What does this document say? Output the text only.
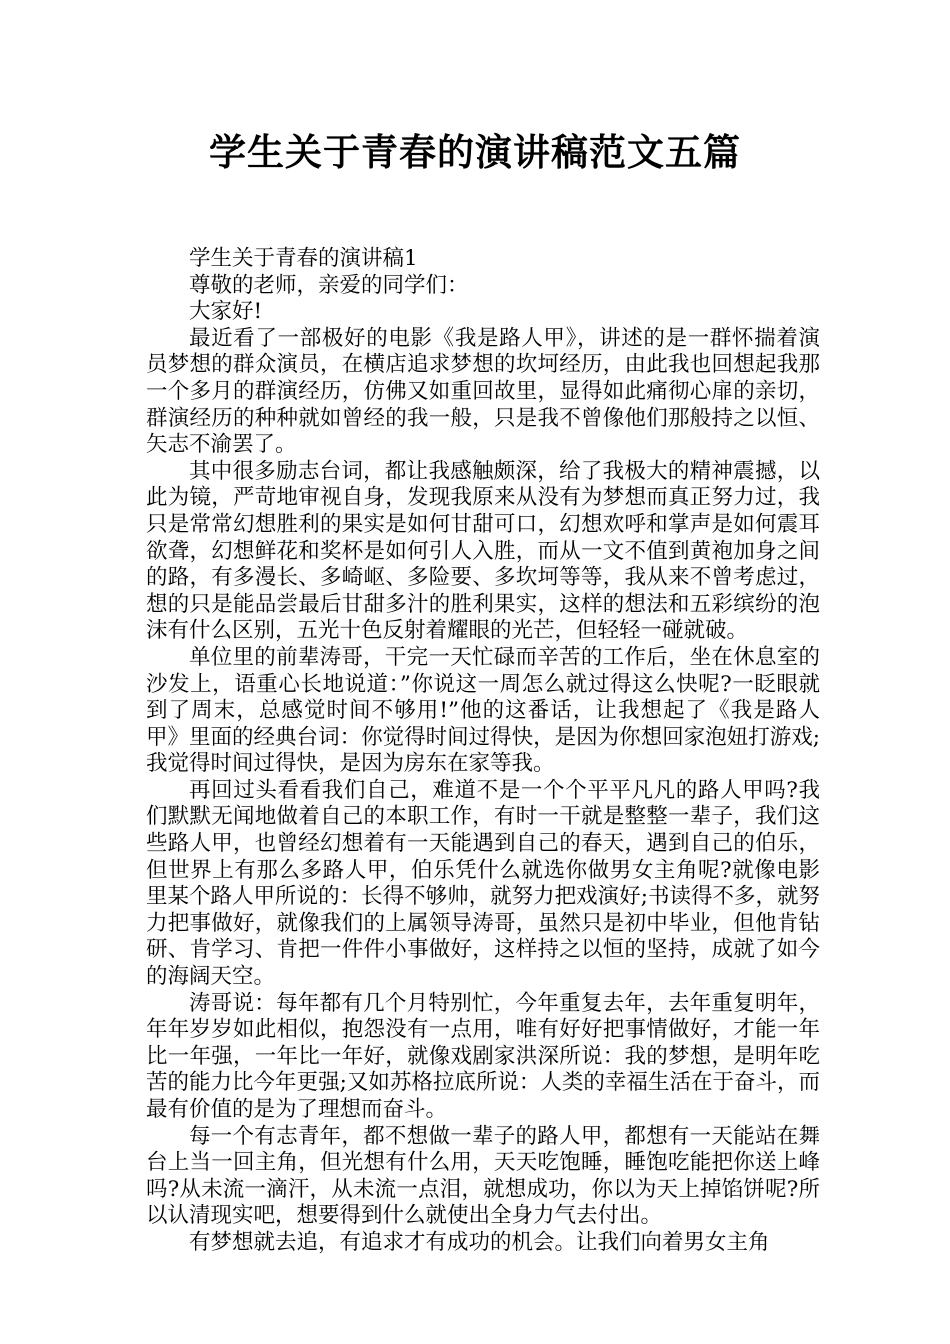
学生关于青春的演讲稿范文五篇

学生关于青春的演讲稿1

尊敬的老师，亲爱的同学们：

大家好!

最近看了一部极好的电影《我是路人甲》，讲述的是一群怀揣着演员梦想的群众演员，在横店追求梦想的坎坷经历，由此我也回想起我那一个多月的群演经历，仿佛又如重回故里，显得如此痛彻心扉的亲切，群演经历的种种就如曾经的我一般，只是我不曾像他们那般持之以恒、矢志不渝罢了。

其中很多励志台词，都让我感触颇深，给了我极大的精神震撼，以此为镜，严苛地审视自身，发现我原来从没有为梦想而真正努力过，我只是常常幻想胜利的果实是如何甘甜可口，幻想欢呼和掌声是如何震耳欲聋，幻想鲜花和奖杯是如何引人入胜，而从一文不值到黄袍加身之间的路，有多漫长、多崎岖、多险要、多坎坷等等，我从来不曾考虑过，想的只是能品尝最后甘甜多汁的胜利果实，这样的想法和五彩缤纷的泡沫有什么区别，五光十色反射着耀眼的光芒，但轻轻一碰就破。

单位里的前辈涛哥，干完一天忙碌而辛苦的工作后，坐在休息室的沙发上，语重心长地说道：”你说这一周怎么就过得这么快呢?一眨眼就到了周末，总感觉时间不够用!”他的这番话，让我想起了《我是路人甲》里面的经典台词：你觉得时间过得快，是因为你想回家泡妞打游戏;我觉得时间过得快，是因为房东在家等我。

再回过头看看我们自己，难道不是一个个平平凡凡的路人甲吗?我们默默无闻地做着自己的本职工作，有时一干就是整整一辈子，我们这些路人甲，也曾经幻想着有一天能遇到自己的春天，遇到自己的伯乐，但世界上有那么多路人甲，伯乐凭什么就选你做男女主角呢?就像电影里某个路人甲所说的：长得不够帅，就努力把戏演好;书读得不多，就努力把事做好，就像我们的上属领导涛哥，虽然只是初中毕业，但他肯钻研、肯学习、肯把一件件小事做好，这样持之以恒的坚持，成就了如今的海阔天空。

涛哥说：每年都有几个月特别忙，今年重复去年，去年重复明年，年年岁岁如此相似，抱怨没有一点用，唯有好好把事情做好，才能一年比一年强，一年比一年好，就像戏剧家洪深所说：我的梦想，是明年吃苦的能力比今年更强;又如苏格拉底所说：人类的幸福生活在于奋斗，而最有价值的是为了理想而奋斗。

每一个有志青年，都不想做一辈子的路人甲，都想有一天能站在舞台上当一回主角，但光想有什么用，天天吃饱睡，睡饱吃能把你送上峰吗?从未流一滴汗，从未流一点泪，就想成功，你以为天上掉馅饼呢?所以认清现实吧，想要得到什么就使出全身力气去付出。

有梦想就去追，有追求才有成功的机会。让我们向着男女主角
